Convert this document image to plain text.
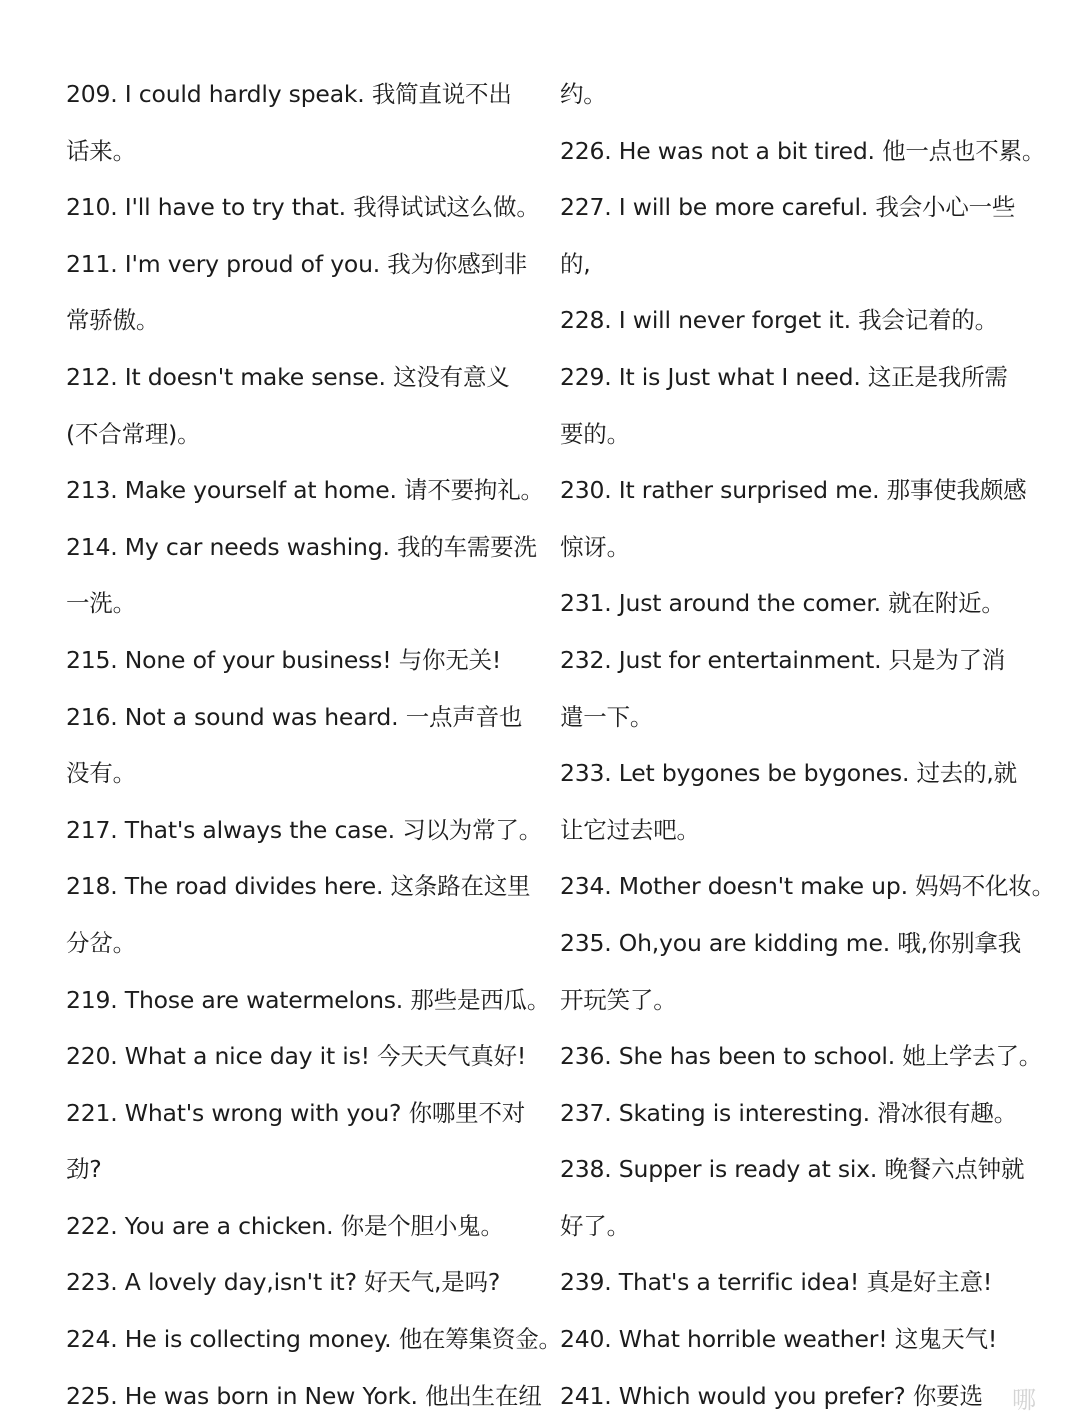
209. I could hardly speak. 我简直说不出
话来。
210. I'll have to try that. 我得试试这么做。
211. I'm very proud of you. 我为你感到非
常骄傲。
212. It doesn't make sense. 这没有意义
(不合常理)。
213. Make yourself at home. 请不要拘礼。
214. My car needs washing. 我的车需要洗
一洗。
215. None of your business! 与你无关!
216. Not a sound was heard. 一点声音也
没有。
217. That's always the case. 习以为常了。
218. The road divides here. 这条路在这里
分岔。
219. Those are watermelons. 那些是西瓜。
220. What a nice day it is! 今天天气真好!
221. What's wrong with you? 你哪里不对
劲?
222. You are a chicken. 你是个胆小鬼。
223. A lovely day,isn't it? 好天气,是吗?
224. He is collecting money. 他在筹集资金。
225. He was born in New York. 他出生在纽
约。
226. He was not a bit tired. 他一点也不累。
227. I will be more careful. 我会小心一些
的,
228. I will never forget it. 我会记着的。
229. It is Just what I need. 这正是我所需
要的。
230. It rather surprised me. 那事使我颇感
惊讶。
231. Just around the comer. 就在附近。
232. Just for entertainment. 只是为了消
遣一下。
233. Let bygones be bygones. 过去的,就
让它过去吧。
234. Mother doesn't make up. 妈妈不化妆。
235. Oh,you are kidding me. 哦,你别拿我
开玩笑了。
236. She has been to school. 她上学去了。
237. Skating is interesting. 滑冰很有趣。
238. Supper is ready at six. 晚餐六点钟就
好了。
239. That's a terrific idea! 真是好主意!
240. What horrible weather! 这鬼天气!
241. Which would you prefer? 你要选	哪
